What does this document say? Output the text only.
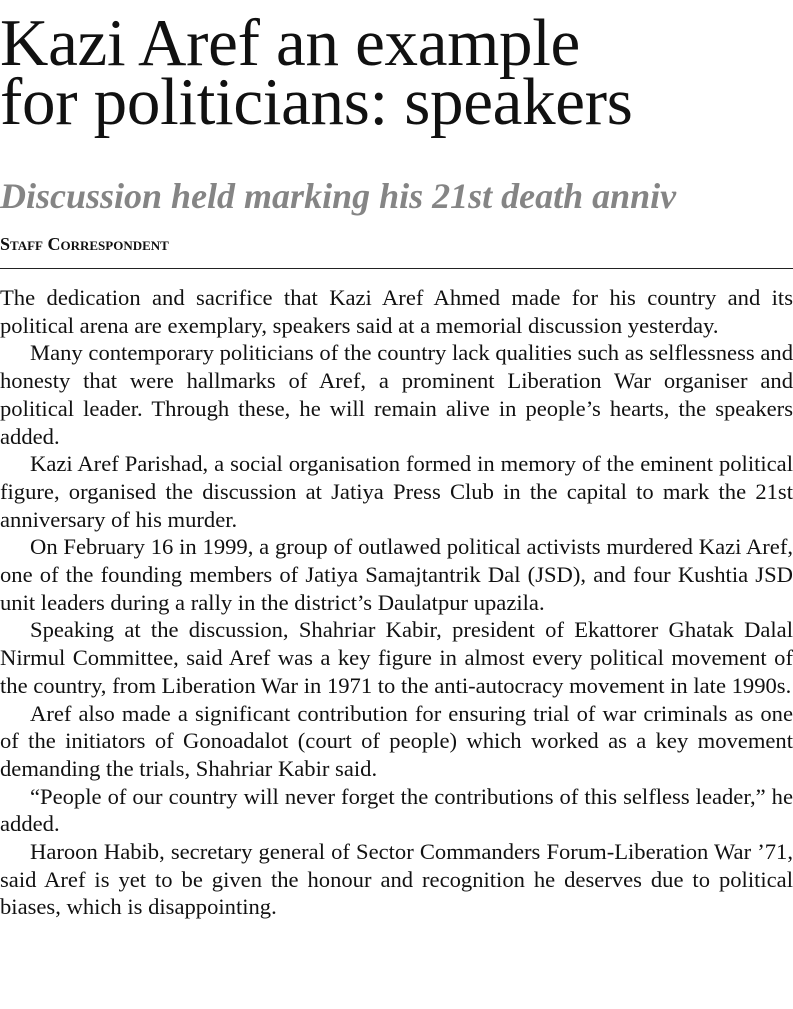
Kazi Aref an example
for politicians: speakers
Discussion held marking his 21st death anniv
Staff Correspondent

The dedication and sacrifice that Kazi Aref Ahmed made for his country and its political arena are exemplary, speakers said at a memorial discussion yesterday.

Many contemporary politicians of the country lack qualities such as selflessness and honesty that were hallmarks of Aref, a prominent Liberation War organiser and political leader. Through these, he will remain alive in people’s hearts, the speakers added.

Kazi Aref Parishad, a social organisation formed in memory of the eminent political figure, organised the discussion at Jatiya Press Club in the capital to mark the 21st anniversary of his murder.

On February 16 in 1999, a group of outlawed political activists murdered Kazi Aref, one of the founding members of Jatiya Samajtantrik Dal (JSD), and four Kushtia JSD unit leaders during a rally in the district’s Daulatpur upazila.

Speaking at the discussion, Shahriar Kabir, president of Ekattorer Ghatak Dalal Nirmul Committee, said Aref was a key figure in almost every political movement of the country, from Liberation War in 1971 to the anti-autocracy movement in late 1990s.

Aref also made a significant contribution for ensuring trial of war criminals as one of the initiators of Gonoadalot (court of people) which worked as a key movement demanding the trials, Shahriar Kabir said.

“People of our country will never forget the contributions of this selfless leader,” he added.

Haroon Habib, secretary general of Sector Commanders Forum-Liberation War ’71, said Aref is yet to be given the honour and recognition he deserves due to political biases, which is disappointing.
